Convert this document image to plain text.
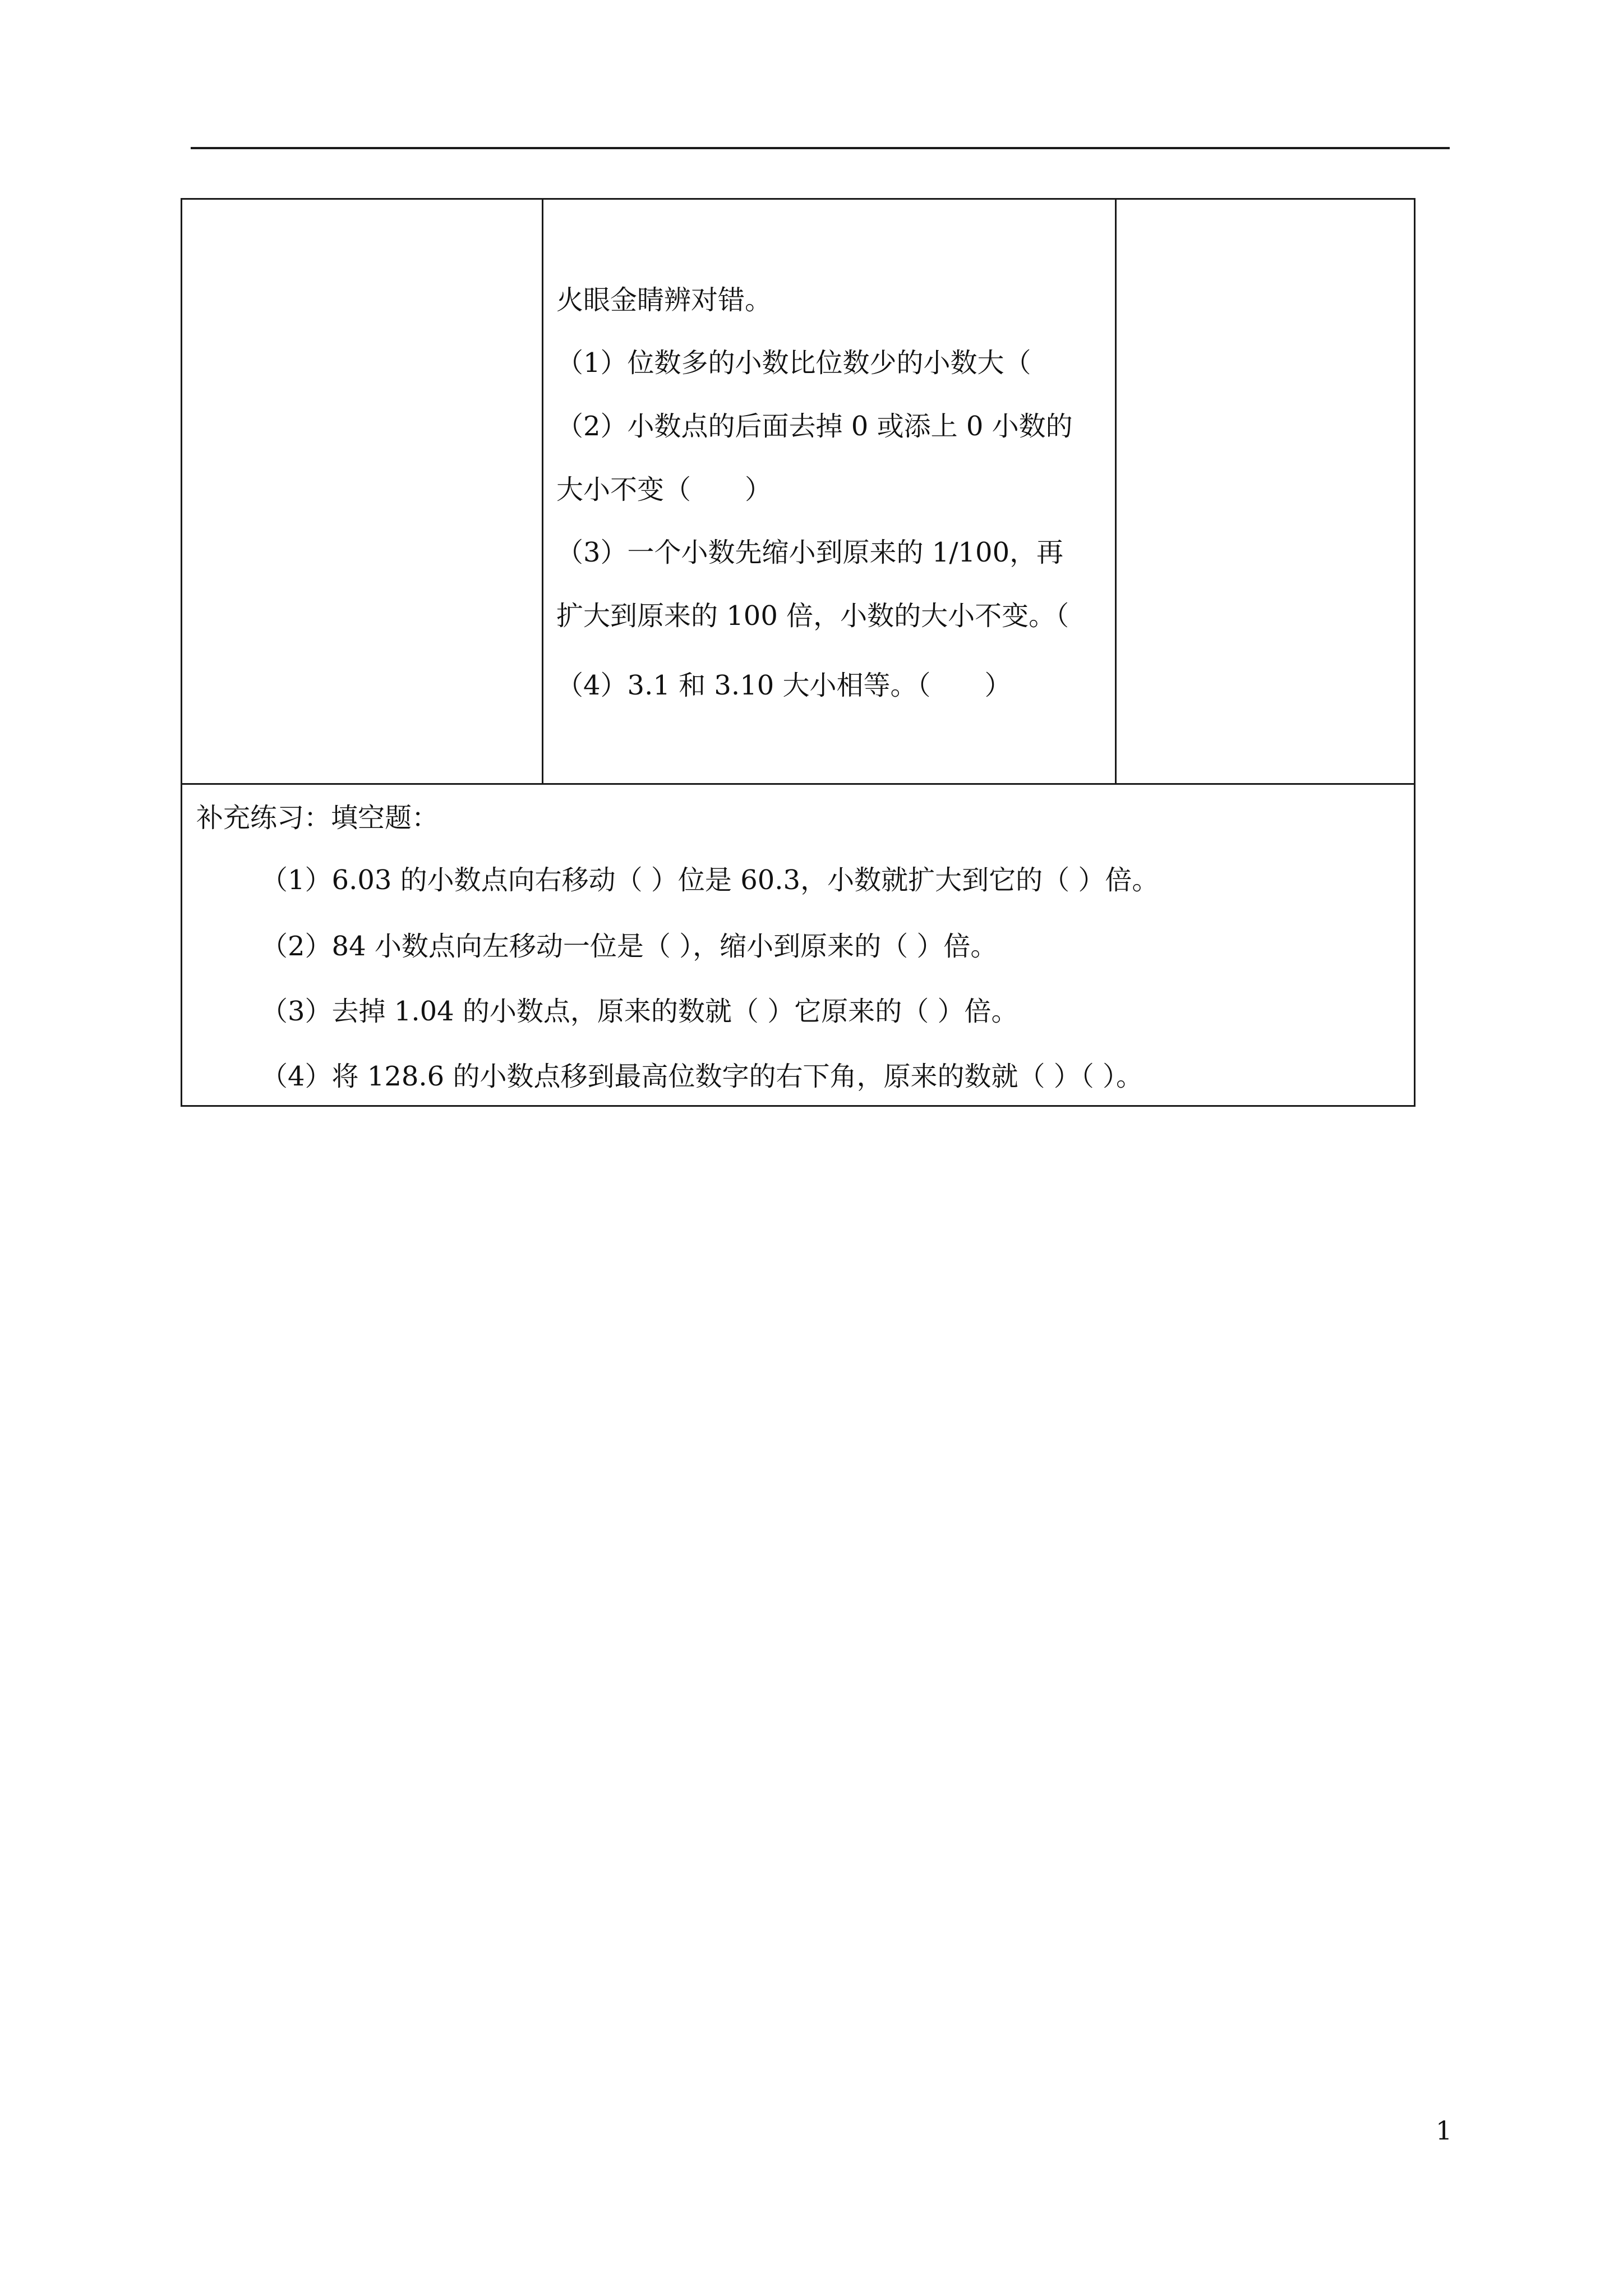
火眼金睛辨对错。
（1）位数多的小数比位数少的小数大（
（2）小数点的后面去掉 0 或添上 0 小数的
大小不变（　　）
（3）一个小数先缩小到原来的 1/100，再
扩大到原来的 100 倍，小数的大小不变。（
（4）3.1 和 3.10 大小相等。（　　）
补充练习：填空题：
（1）6.03 的小数点向右移动（ ）位是 60.3，小数就扩大到它的（ ）倍。
（2）84 小数点向左移动一位是（ ），缩小到原来的（ ）倍。
（3）去掉 1.04 的小数点，原来的数就（ ）它原来的（ ）倍。
（4）将 128.6 的小数点移到最高位数字的右下角，原来的数就（ ）（ ）。
1
